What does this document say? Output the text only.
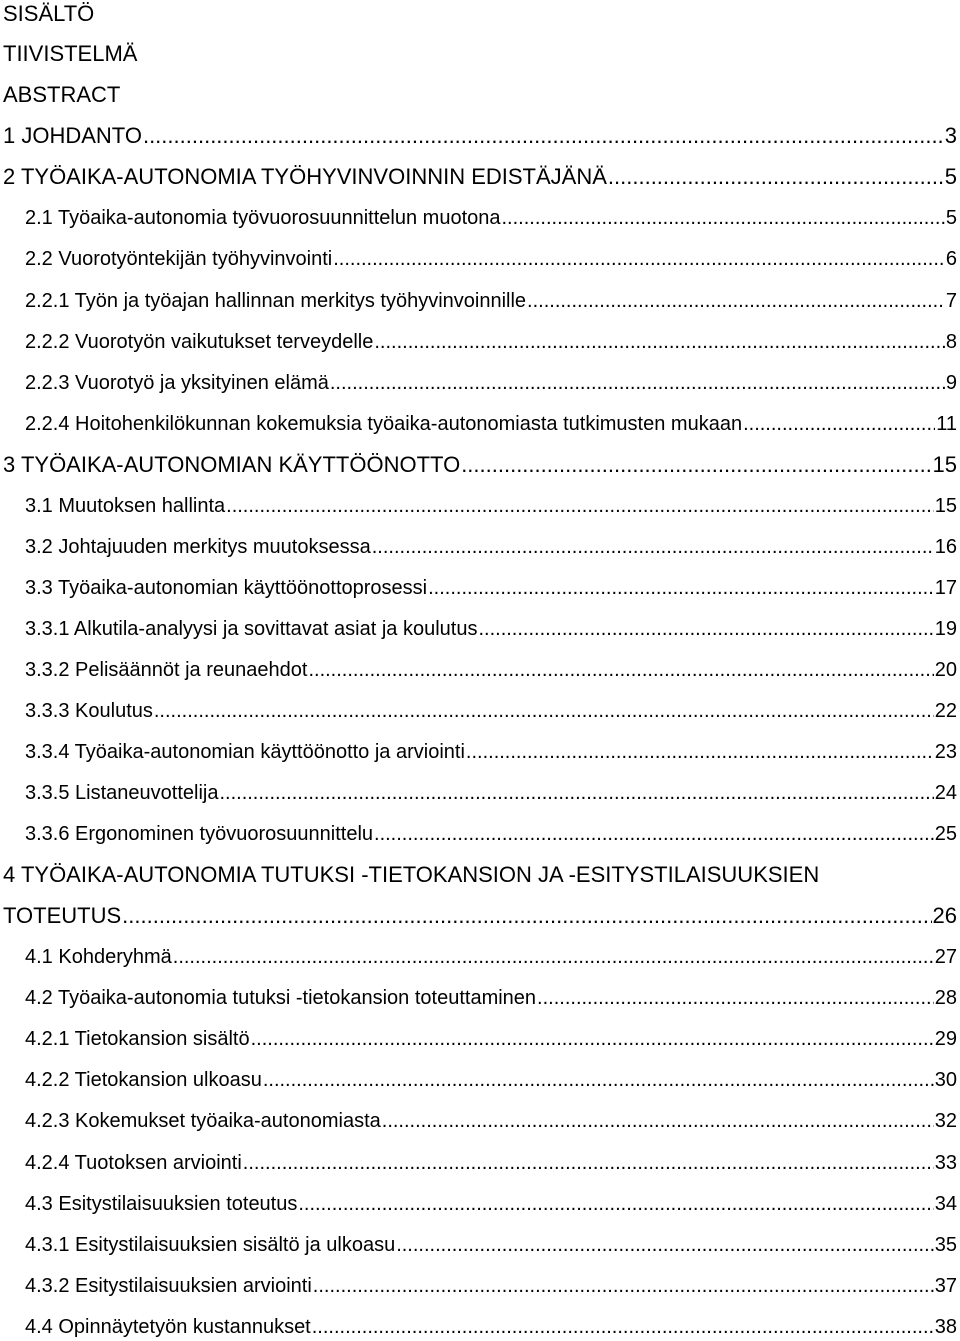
SISÄLTÖ
TIIVISTELMÄ
ABSTRACT
1 JOHDANTO .....	3
2 TYÖAIKA-AUTONOMIA TYÖHYVINVOINNIN EDISTÄJÄNÄ .....	5
2.1 Työaika-autonomia työvuorosuunnittelun muotona .....	5
2.2 Vuorotyöntekijän työhyvinvointi .....	6
2.2.1 Työn ja työajan hallinnan merkitys työhyvinvoinnille .....	7
2.2.2 Vuorotyön vaikutukset terveydelle .....	8
2.2.3 Vuorotyö ja yksityinen elämä .....	9
2.2.4 Hoitohenkilökunnan kokemuksia työaika-autonomiasta tutkimusten mukaan .....	11
3 TYÖAIKA-AUTONOMIAN KÄYTTÖÖNOTTO .....	15
3.1 Muutoksen hallinta .....	15
3.2 Johtajuuden merkitys muutoksessa .....	16
3.3 Työaika-autonomian käyttöönottoprosessi .....	17
3.3.1 Alkutila-analyysi ja sovittavat asiat ja koulutus .....	19
3.3.2 Pelisäännöt ja reunaehdot .....	20
3.3.3 Koulutus .....	22
3.3.4 Työaika-autonomian käyttöönotto ja arviointi .....	23
3.3.5 Listaneuvottelija .....	24
3.3.6 Ergonominen työvuorosuunnittelu .....	25
4 TYÖAIKA-AUTONOMIA TUTUKSI -TIETOKANSION JA -ESITYSTILAISUUKSIEN
TOTEUTUS .....	26
4.1 Kohderyhmä .....	27
4.2 Työaika-autonomia tutuksi -tietokansion toteuttaminen .....	28
4.2.1 Tietokansion sisältö .....	29
4.2.2 Tietokansion ulkoasu .....	30
4.2.3 Kokemukset työaika-autonomiasta .....	32
4.2.4 Tuotoksen arviointi .....	33
4.3 Esitystilaisuuksien toteutus .....	34
4.3.1 Esitystilaisuuksien sisältö ja ulkoasu .....	35
4.3.2 Esitystilaisuuksien arviointi .....	37
4.4 Opinnäytetyön kustannukset .....	38
